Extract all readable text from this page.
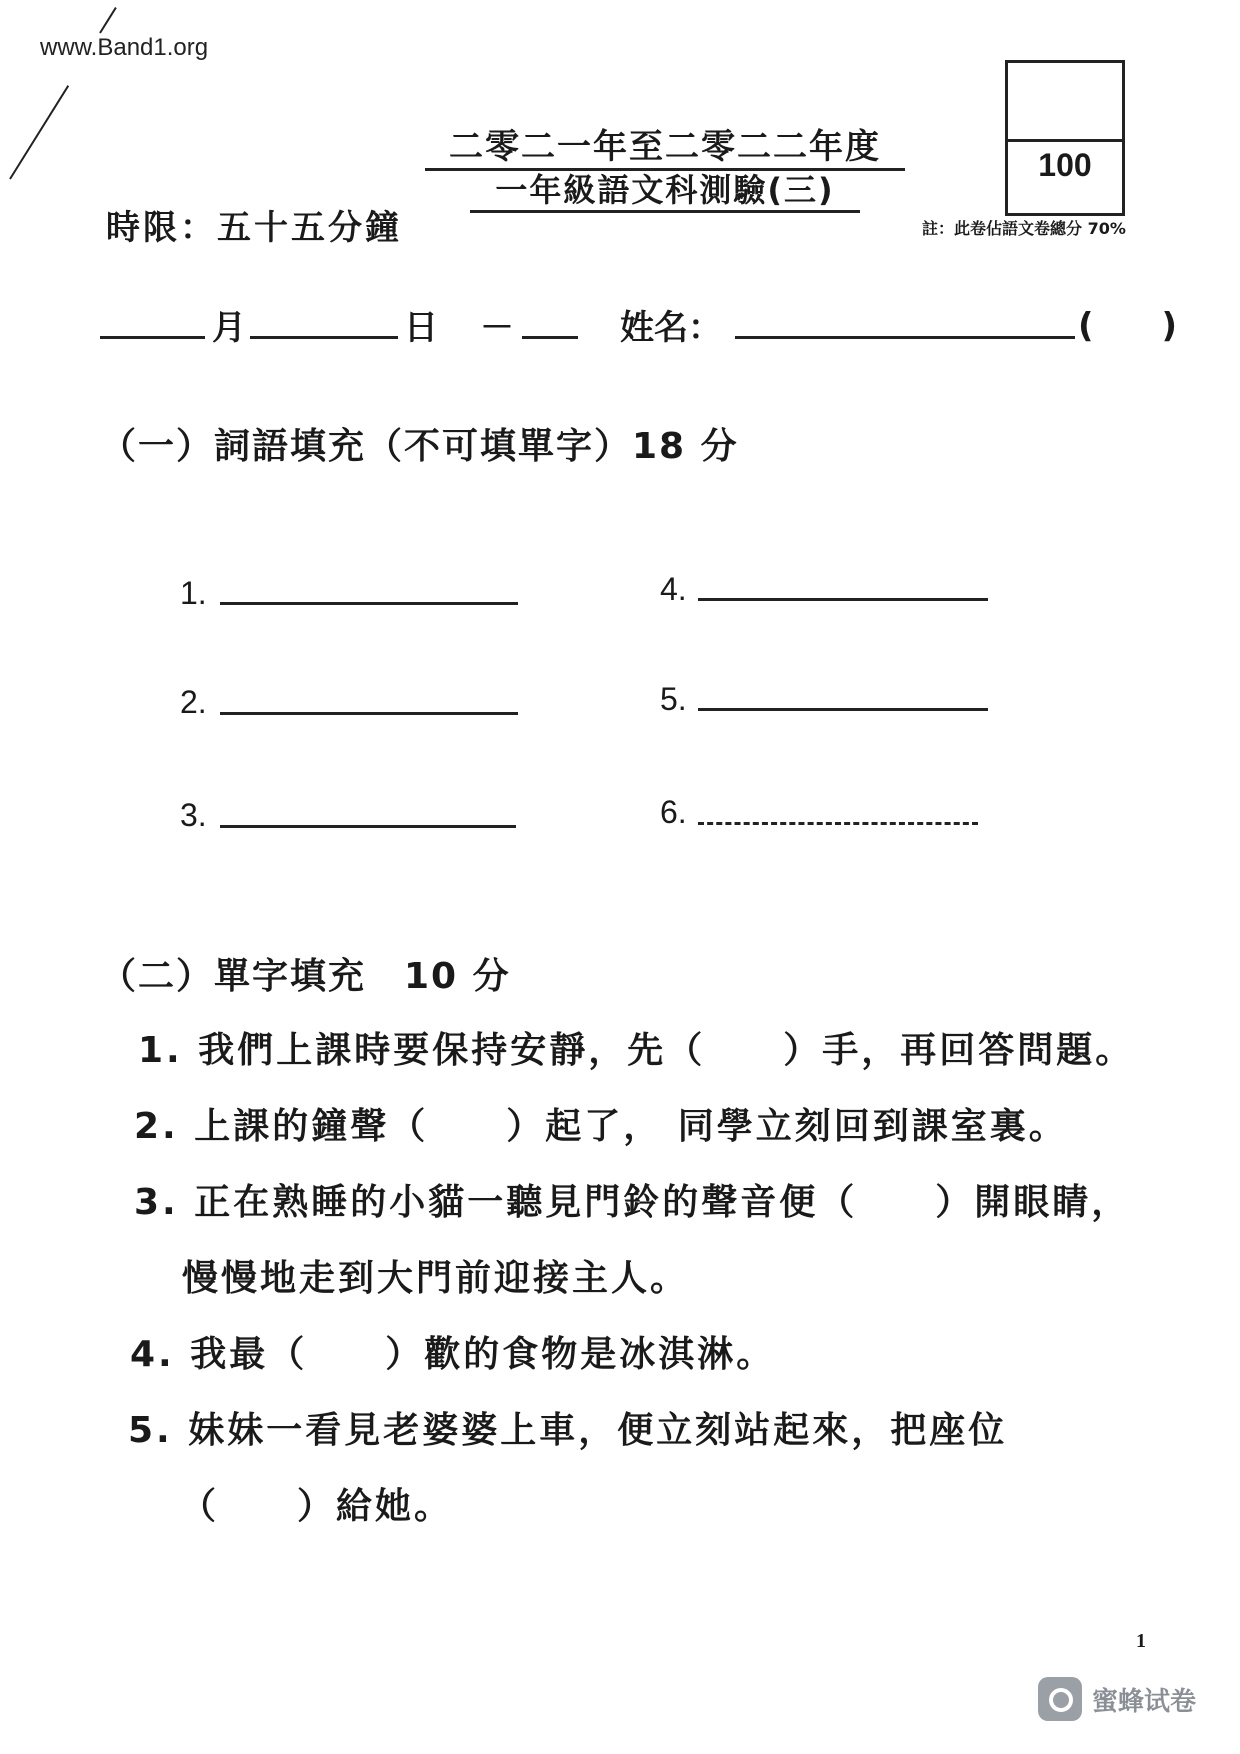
www.Band1.org
二零二一年至二零二二年度
一年級語文科測驗(三)
100
註：此卷佔語文卷總分 70%
時限：五十五分鐘
月	日 －	姓名：	(　　)
（一）詞語填充（不可填單字）18 分
1.
2.
3.
4.
5.
6.
（二）單字填充　10 分
1. 我們上課時要保持安靜，先（　　）手，再回答問題。
2. 上課的鐘聲（　　）起了， 同學立刻回到課室裏。
3. 正在熟睡的小貓一聽見門鈴的聲音便（　　）開眼睛，
慢慢地走到大門前迎接主人。
4. 我最（　　）歡的食物是冰淇淋。
5. 妹妹一看見老婆婆上車，便立刻站起來，把座位
（　　）給她。
1
蜜蜂试卷
